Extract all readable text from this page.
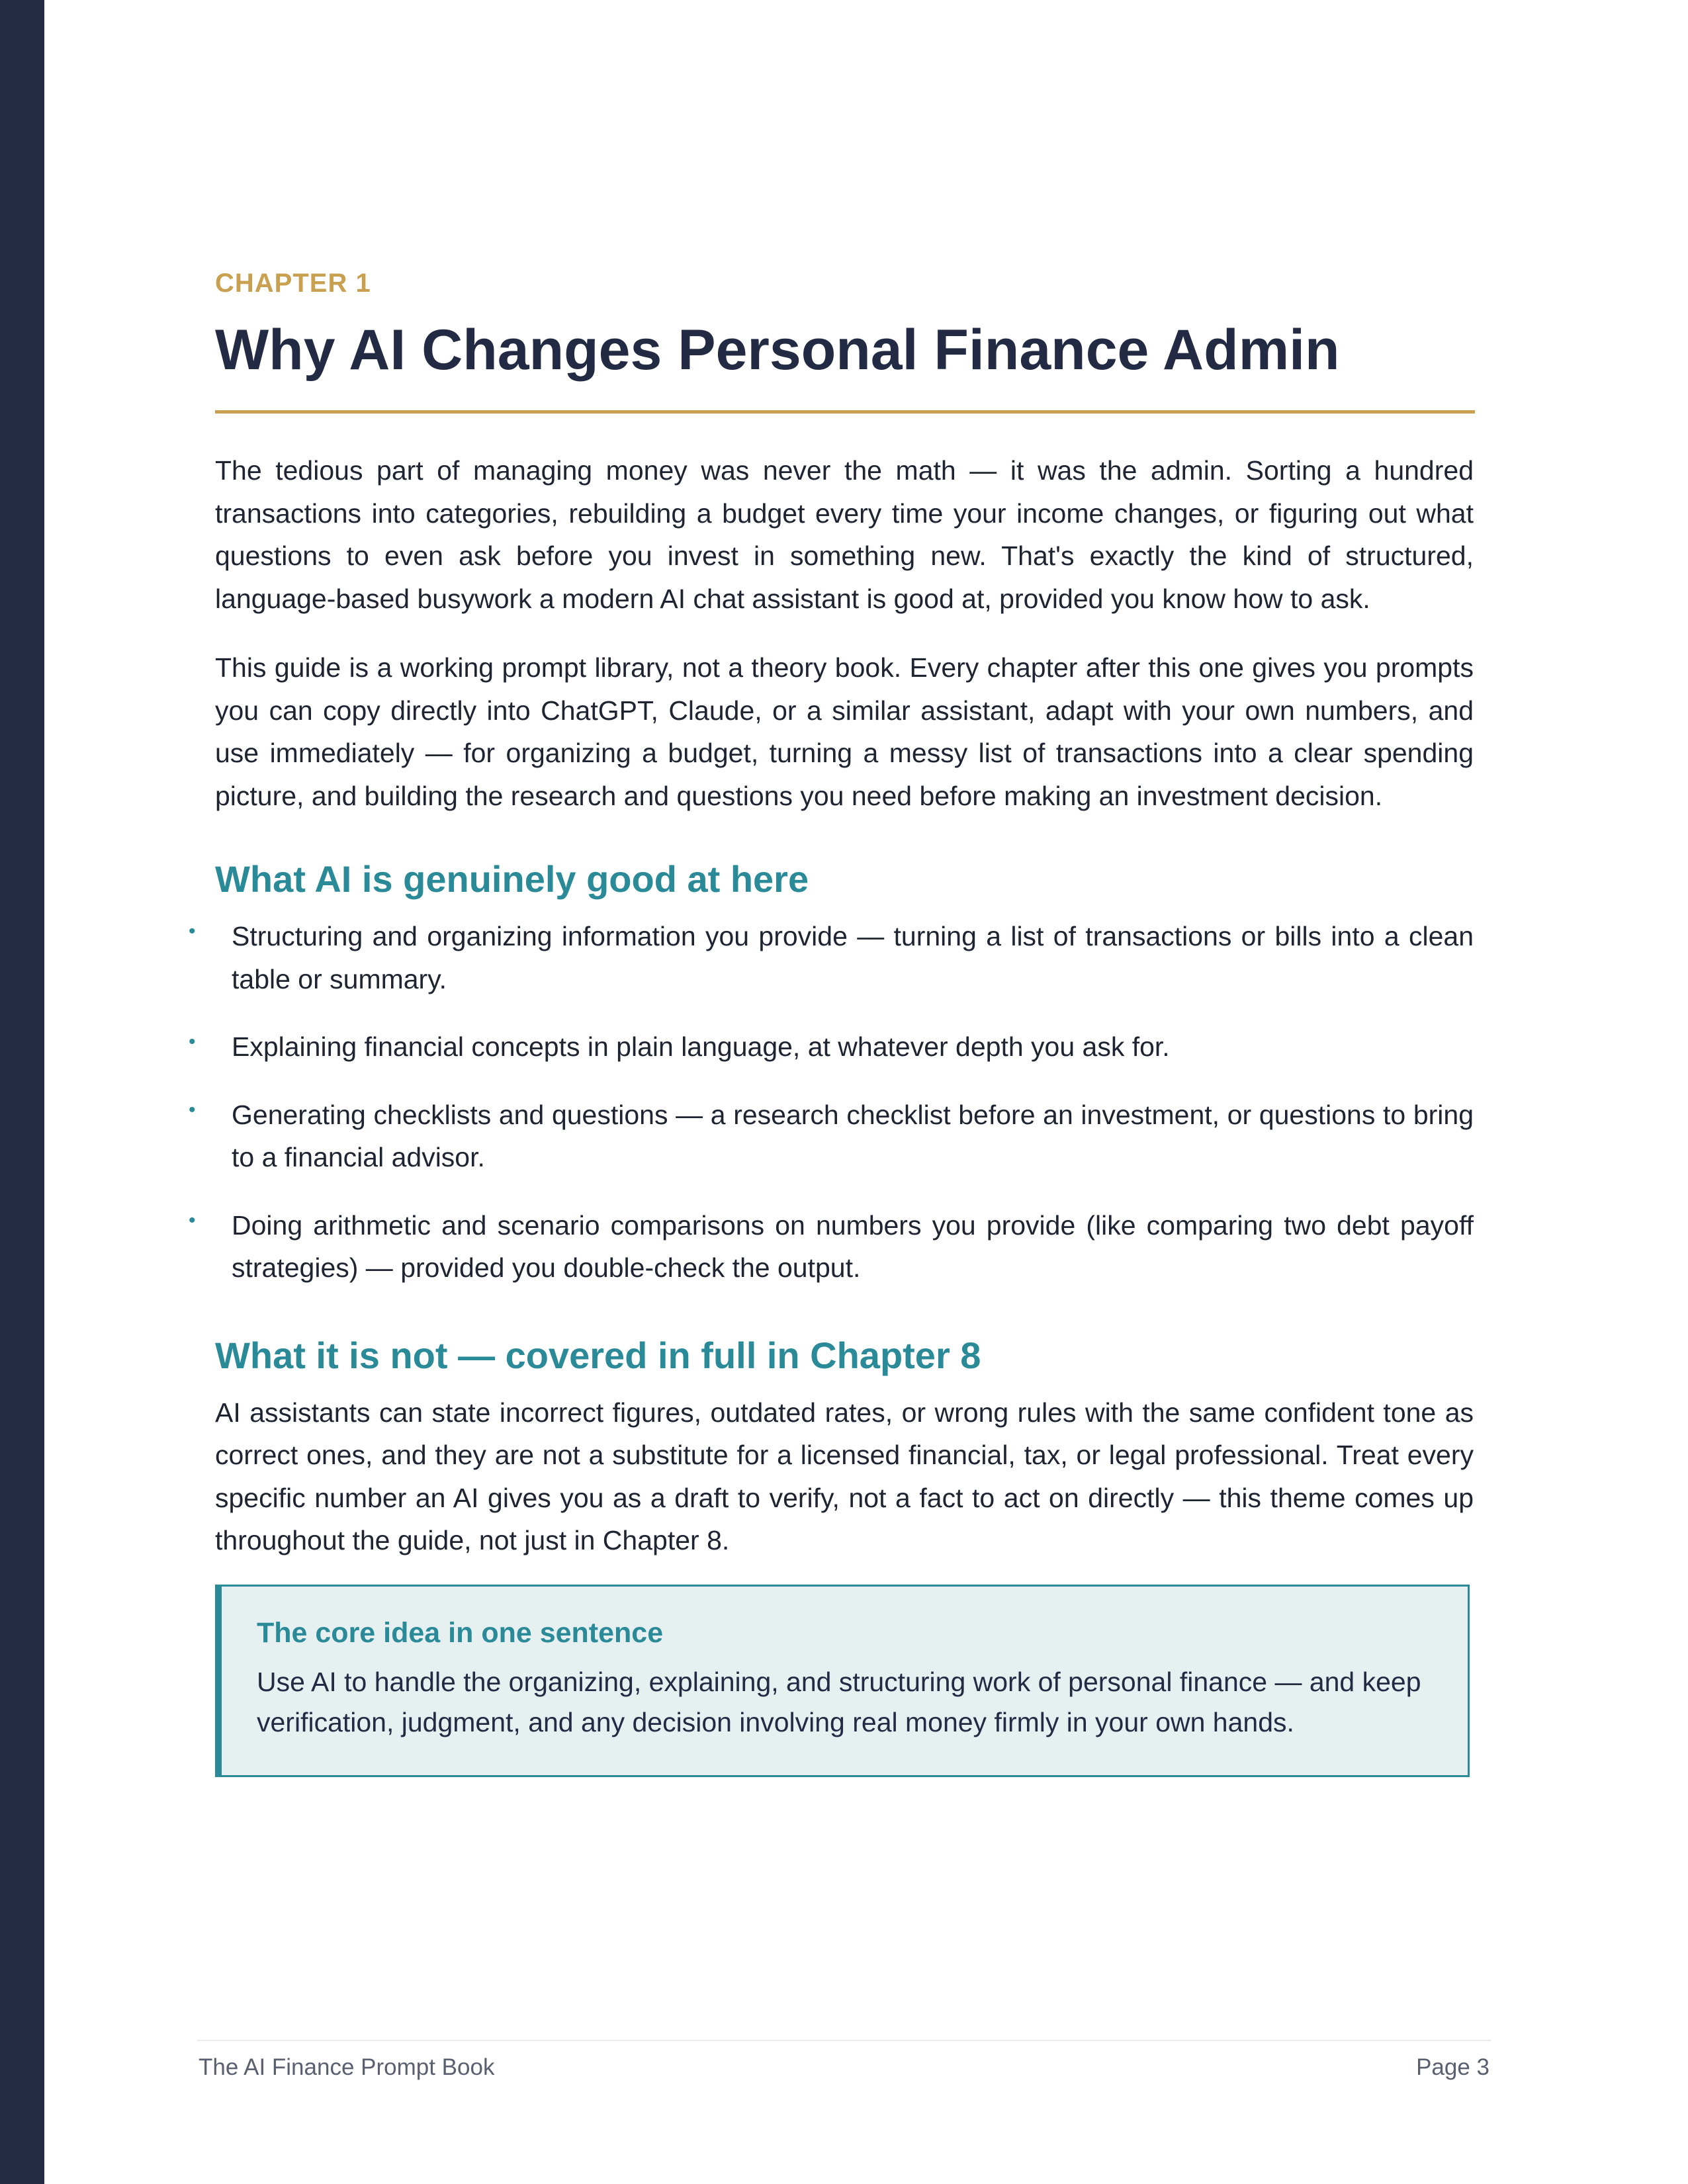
CHAPTER 1

Why AI Changes Personal Finance Admin

The tedious part of managing money was never the math — it was the admin. Sorting a hundred transactions into categories, rebuilding a budget every time your income changes, or figuring out what questions to even ask before you invest in something new. That's exactly the kind of structured, language-based busywork a modern AI chat assistant is good at, provided you know how to ask.

This guide is a working prompt library, not a theory book. Every chapter after this one gives you prompts you can copy directly into ChatGPT, Claude, or a similar assistant, adapt with your own numbers, and use immediately — for organizing a budget, turning a messy list of transactions into a clear spending picture, and building the research and questions you need before making an investment decision.

What AI is genuinely good at here
• Structuring and organizing information you provide — turning a list of transactions or bills into a clean table or summary.
• Explaining financial concepts in plain language, at whatever depth you ask for.
• Generating checklists and questions — a research checklist before an investment, or questions to bring to a financial advisor.
• Doing arithmetic and scenario comparisons on numbers you provide (like comparing two debt payoff strategies) — provided you double-check the output.
What it is not — covered in full in Chapter 8

AI assistants can state incorrect figures, outdated rates, or wrong rules with the same confident tone as correct ones, and they are not a substitute for a licensed financial, tax, or legal professional. Treat every specific number an AI gives you as a draft to verify, not a fact to act on directly — this theme comes up throughout the guide, not just in Chapter 8.

The core idea in one sentence

Use AI to handle the organizing, explaining, and structuring work of personal finance — and keep verification, judgment, and any decision involving real money firmly in your own hands.

The AI Finance Prompt Book	Page 3
